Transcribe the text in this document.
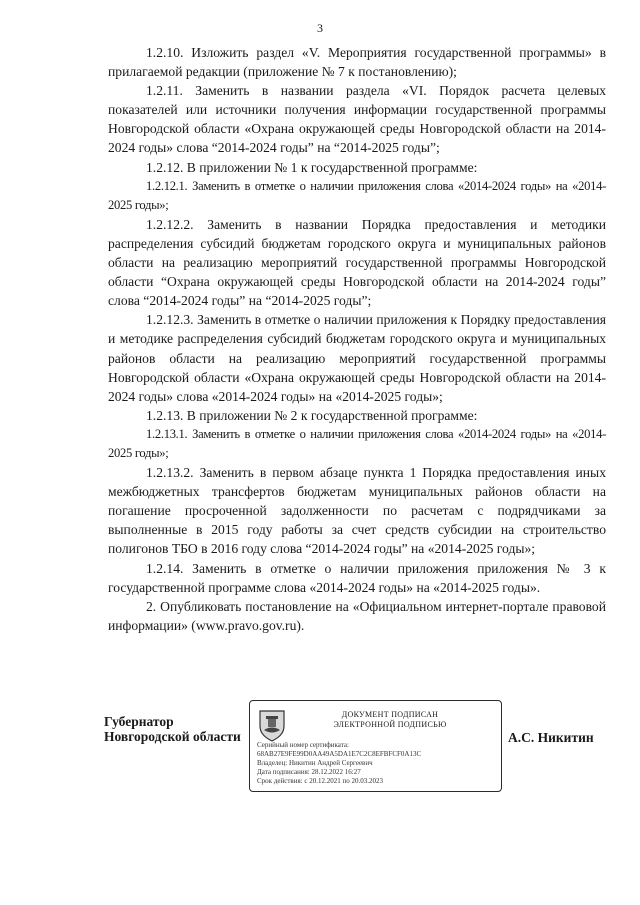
3

1.2.10. Изложить раздел «V. Мероприятия государственной программы» в прилагаемой редакции (приложение № 7 к постановлению);

1.2.11. Заменить в названии раздела «VI. Порядок расчета целевых показателей или источники получения информации государственной программы Новгородской области «Охрана окружающей среды Новгородской области на 2014-2024 годы» слова “2014-2024 годы” на “2014-2025 годы”;

1.2.12. В приложении № 1 к государственной программе:

1.2.12.1. Заменить в отметке о наличии приложения слова «2014-2024 годы» на «2014-2025 годы»;

1.2.12.2. Заменить в названии Порядка предоставления и методики распределения субсидий бюджетам городского округа и муниципальных районов области на реализацию мероприятий государственной программы Новгородской области “Охрана окружающей среды Новгородской области на 2014-2024 годы” слова “2014-2024 годы” на “2014-2025 годы”;

1.2.12.3. Заменить в отметке о наличии приложения к Порядку предоставления и методике распределения субсидий бюджетам городского округа и муниципальных районов области на реализацию мероприятий государственной программы Новгородской области «Охрана окружающей среды Новгородской области на 2014-2024 годы» слова «2014-2024 годы» на «2014-2025 годы»;

1.2.13. В приложении № 2 к государственной программе:

1.2.13.1. Заменить в отметке о наличии приложения слова «2014-2024 годы» на «2014-2025 годы»;

1.2.13.2. Заменить в первом абзаце пункта 1 Порядка предоставления иных межбюджетных трансфертов бюджетам муниципальных районов области на погашение просроченной задолженности по расчетам с подрядчиками за выполненные в 2015 году работы за счет средств субсидии на строительство полигонов ТБО в 2016 году слова “2014-2024 годы” на «2014-2025 годы»;

1.2.14. Заменить в отметке о наличии приложения приложения № 3 к государственной программе слова «2014-2024 годы» на «2014-2025 годы».

2. Опубликовать постановление на «Официальном интернет-портале правовой информации» (www.pravo.gov.ru).

Губернатор
Новгородской области
ДОКУМЕНТ ПОДПИСАН
ЭЛЕКТРОННОЙ ПОДПИСЬЮ
Серийный номер сертификата:
68АВ27Е9FЕ99D0АА49А5DА1Е7С2С8ЕFВFСF0А13С
Владелец: Никитин Андрей Сергеевич
Дата подписания: 28.12.2022 16:27
Срок действия: с 20.12.2021 по 20.03.2023
А.С. Никитин
